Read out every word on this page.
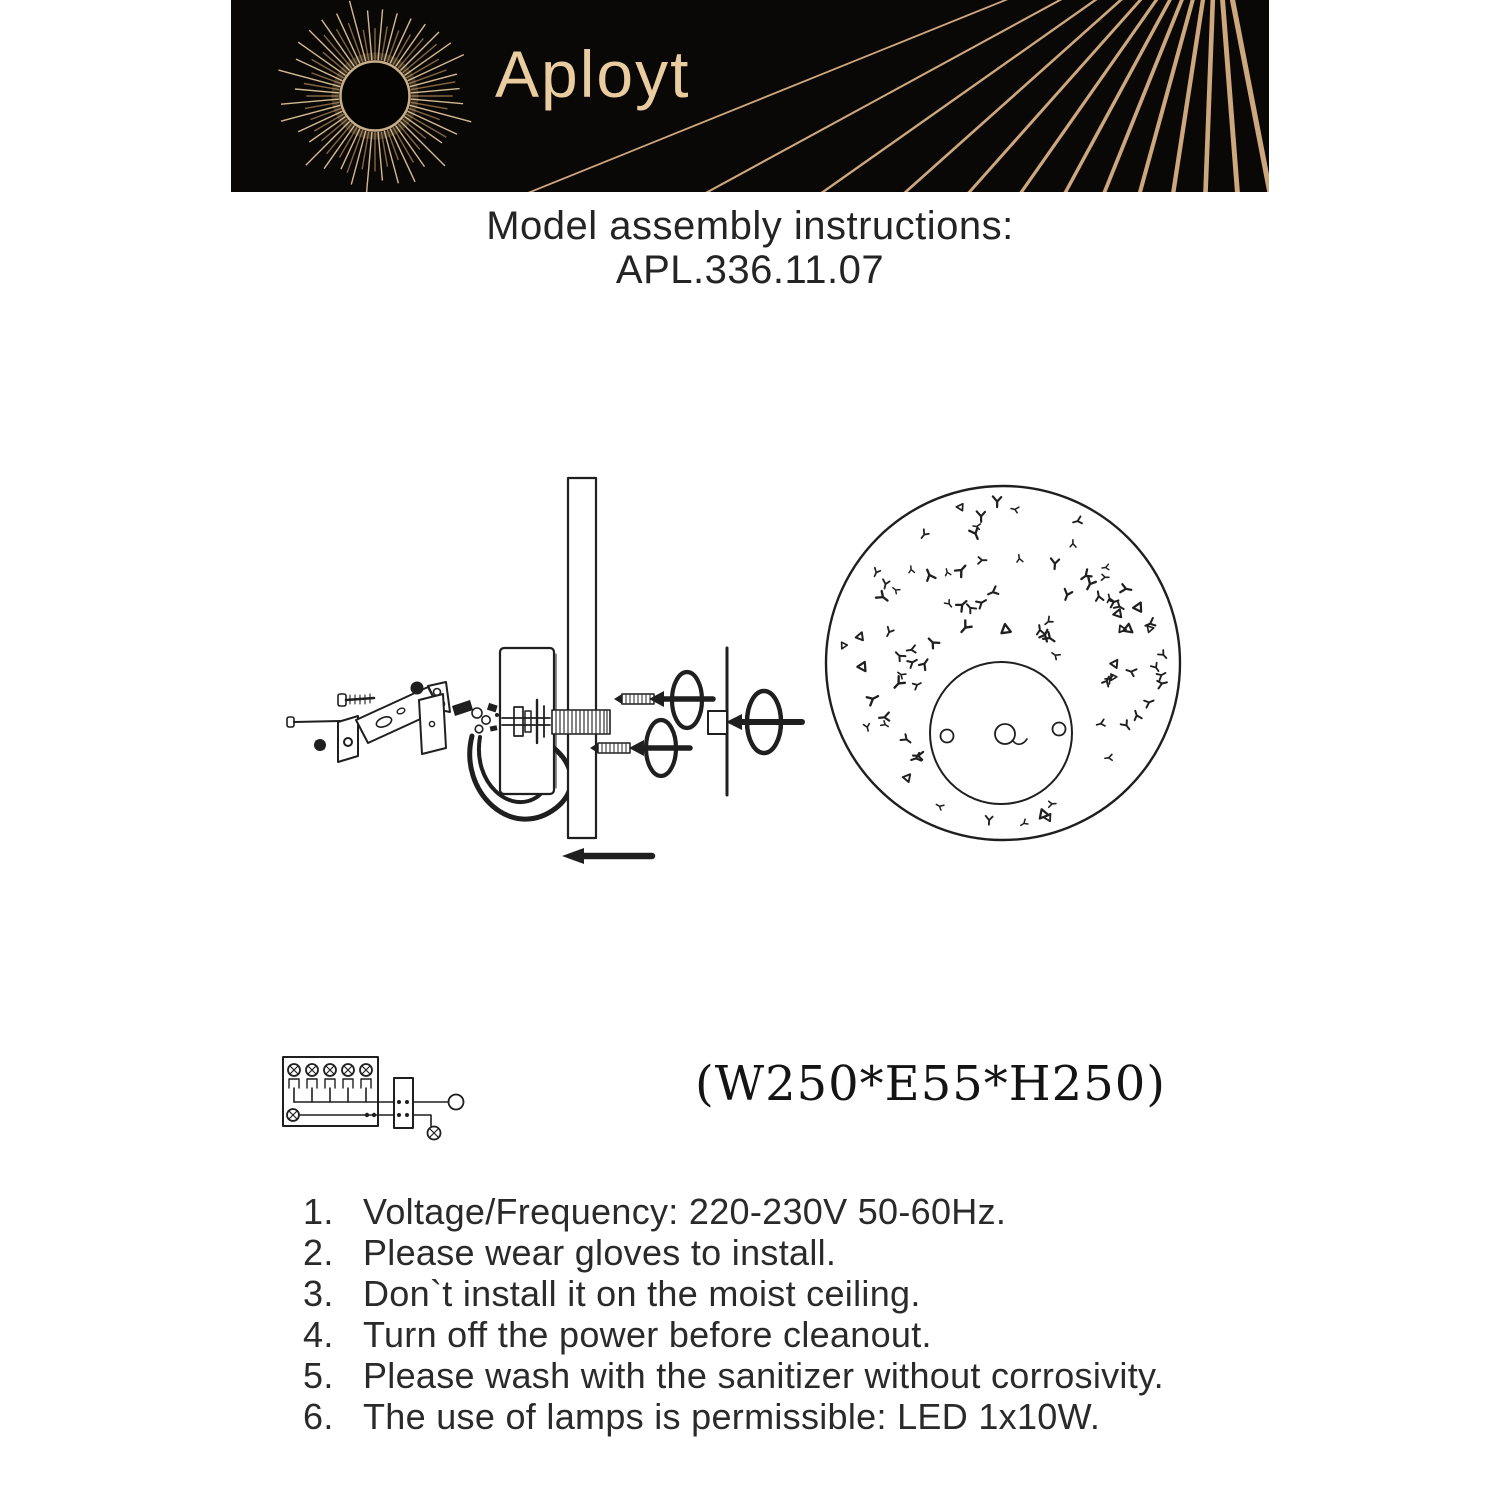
Aployt
Model assembly instructions:
APL.336.11.07
(W250*E55*H250)
1. Voltage/Frequency: 220-230V 50-60Hz.
2. Please wear gloves to install.
3. Don`t install it on the moist ceiling.
4. Turn off the power before cleanout.
5. Please wash with the sanitizer without corrosivity.
6. The use of lamps is permissible: LED 1x10W.
